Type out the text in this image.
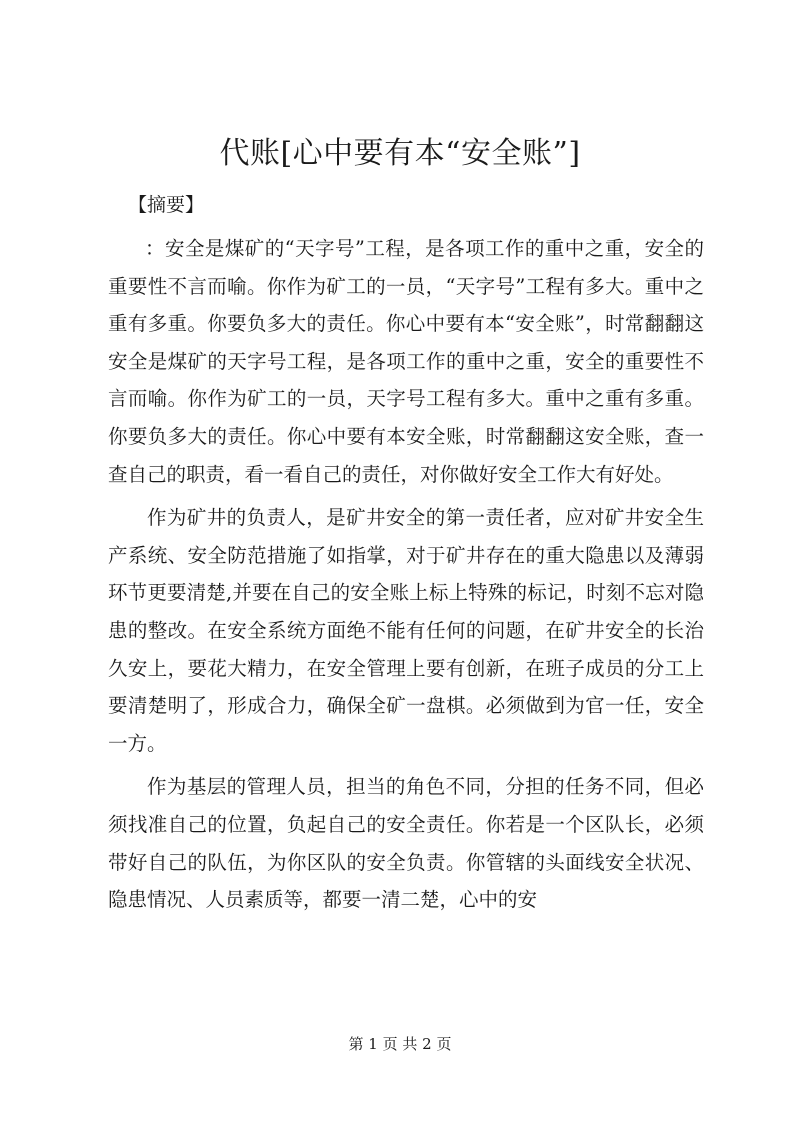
代账[心中要有本“安全账”]

【摘要】

：安全是煤矿的“天字号”工程，是各项工作的重中之重，安全的重要性不言而喻。你作为矿工的一员，“天字号”工程有多大。重中之重有多重。你要负多大的责任。你心中要有本“安全账”，时常翻翻这安全是煤矿的天字号工程，是各项工作的重中之重，安全的重要性不言而喻。你作为矿工的一员，天字号工程有多大。重中之重有多重。你要负多大的责任。你心中要有本安全账，时常翻翻这安全账，查一查自己的职责，看一看自己的责任，对你做好安全工作大有好处。

作为矿井的负责人，是矿井安全的第一责任者，应对矿井安全生产系统、安全防范措施了如指掌，对于矿井存在的重大隐患以及薄弱环节更要清楚,并要在自己的安全账上标上特殊的标记，时刻不忘对隐患的整改。在安全系统方面绝不能有任何的问题，在矿井安全的长治久安上，要花大精力，在安全管理上要有创新，在班子成员的分工上要清楚明了，形成合力，确保全矿一盘棋。必须做到为官一任，安全一方。

作为基层的管理人员，担当的角色不同，分担的任务不同，但必须找准自己的位置，负起自己的安全责任。你若是一个区队长，必须带好自己的队伍，为你区队的安全负责。你管辖的头面线安全状况、隐患情况、人员素质等，都要一清二楚，心中的安

第 1 页 共 2 页
